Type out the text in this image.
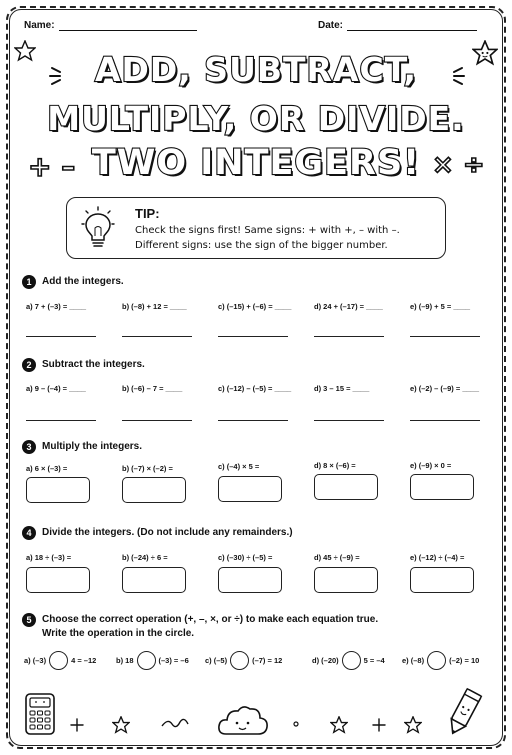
Name:	Date:
ADD, SUBTRACT,
MULTIPLY, OR DIVIDE.
TWO INTEGERS!
+ –	× ÷
TIP:
Check the signs first! Same signs: + with +, – with –.
Different signs: use the sign of the bigger number.
1	Add the integers.
a) 7 + (–3) = ____	b) (–8) + 12 = ____	c) (–15) + (–6) = ____	d) 24 + (–17) = ____	e) (–9) + 5 = ____
2	Subtract the integers.
a) 9 – (–4) = ____	b) (–6) – 7 = ____	c) (–12) – (–5) = ____	d) 3 – 15 = ____	e) (–2) – (–9) = ____
3	Multiply the integers.
a) 6 × (–3) =	b) (–7) × (–2) =	c) (–4) × 5 =	d) 8 × (–6) =	e) (–9) × 0 =
4	Divide the integers. (Do not include any remainders.)
a) 18 ÷ (–3) =	b) (–24) ÷ 6 =	c) (–30) ÷ (–5) =	d) 45 ÷ (–9) =	e) (–12) ÷ (–4) =
5	Choose the correct operation (+, –, ×, or ÷) to make each equation true.
Write the operation in the circle.
a) (–3)	4 = –12	b) 18	(–3) = –6 c) (–5)	(–7) = 12	d) (–20)	5 = –4 e) (–8)	(–2) = 10
